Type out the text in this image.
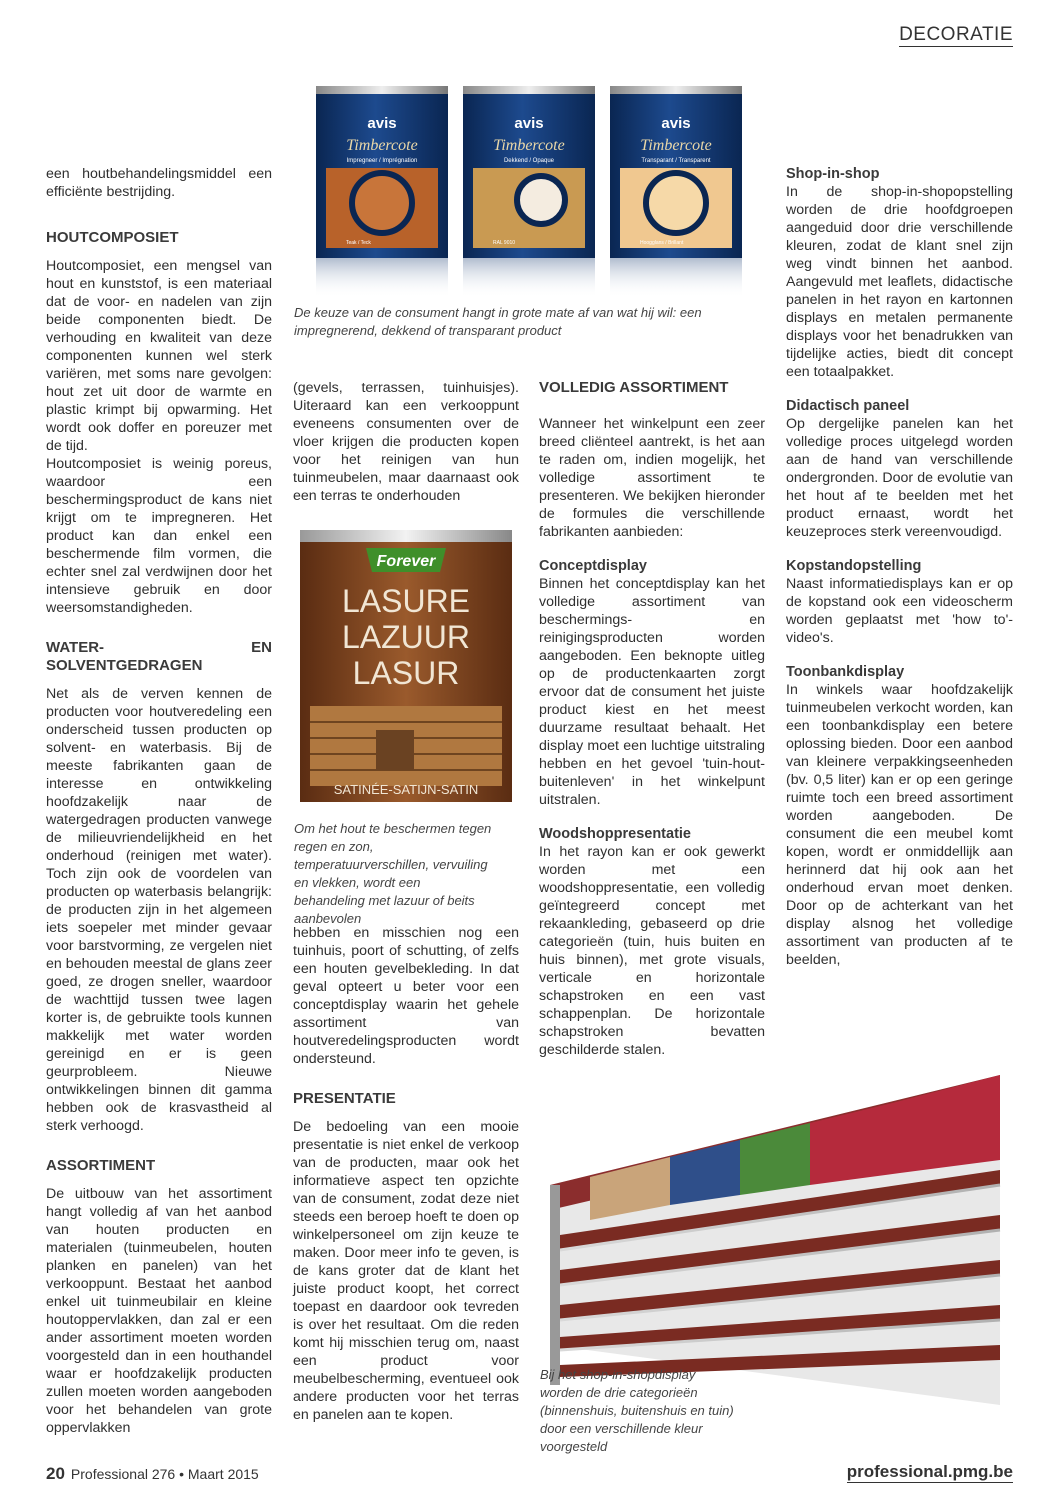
DECORATIE

een houtbehandelingsmiddel een efficiënte bestrijding.

HOUTCOMPOSIET

Houtcomposiet, een mengsel van hout en kunststof, is een materiaal dat de voor- en nadelen van zijn beide componenten biedt. De verhouding en kwaliteit van deze componenten kunnen wel sterk variëren, met soms nare gevolgen: hout zet uit door de warmte en plastic krimpt bij opwarming. Het wordt ook doffer en poreuzer met de tijd.

Houtcomposiet is weinig poreus, waardoor een beschermingsproduct de kans niet krijgt om te impregneren. Het product kan dan enkel een beschermende film vormen, die echter snel zal verdwijnen door het intensieve gebruik en door weersomstandigheden.

WATER- EN SOLVENTGEDRAGEN

Net als de verven kennen de producten voor houtveredeling een onderscheid tussen producten op solvent- en waterbasis. Bij de meeste fabrikanten gaan de interesse en ontwikkeling hoofdzakelijk naar de watergedragen producten vanwege de milieuvriendelijkheid en het onderhoud (reinigen met water). Toch zijn ook de voordelen van producten op waterbasis belangrijk: de producten zijn in het algemeen iets soepeler met minder gevaar voor barstvorming, ze vergelen niet en behouden meestal de glans zeer goed, ze drogen sneller, waardoor de wachttijd tussen twee lagen korter is, de gebruikte tools kunnen makkelijk met water worden gereinigd en er is geen geurprobleem. Nieuwe ontwikkelingen binnen dit gamma hebben ook de krasvastheid al sterk verhoogd.

ASSORTIMENT

De uitbouw van het assortiment hangt volledig af van het aanbod van houten producten en materialen (tuinmeubelen, houten planken en panelen) van het verkooppunt. Bestaat het aanbod enkel uit tuinmeubilair en kleine houtoppervlakken, dan zal er een ander assortiment moeten worden voorgesteld dan in een houthandel waar er hoofdzakelijk producten zullen moeten worden aangeboden voor het behandelen van grote oppervlakken

avis
Timbercote
Impregneer / Imprégnation
Teak / Teck
avis
Timbercote
Dekkend / Opaque
RAL 9010
avis
Timbercote
Transparant / Transparent
Hoogglans / Brillant
De keuze van de consument hangt in grote mate af van wat hij wil: een impregnerend, dekkend of transparant product

(gevels, terrassen, tuinhuisjes). Uiteraard kan een verkooppunt eveneens consumenten over de vloer krijgen die producten kopen voor het reinigen van hun tuinmeubelen, maar daarnaast ook een terras te onderhouden

Forever
LASURE
LAZUUR
LASUR
SATINÉE-SATIJN-SATIN
Om het hout te beschermen tegen regen en zon, temperatuurverschillen, vervuiling en vlekken, wordt een behandeling met lazuur of beits aanbevolen

hebben en misschien nog een tuinhuis, poort of schutting, of zelfs een houten gevelbekleding. In dat geval opteert u beter voor een conceptdisplay waarin het gehele assortiment van houtveredelingsproducten wordt ondersteund.

PRESENTATIE

De bedoeling van een mooie presentatie is niet enkel de verkoop van de producten, maar ook het informatieve aspect ten opzichte van de consument, zodat deze niet steeds een beroep hoeft te doen op winkelpersoneel om zijn keuze te maken. Door meer info te geven, is de kans groter dat de klant het juiste product koopt, het correct toepast en daardoor ook tevreden is over het resultaat. Om die reden komt hij misschien terug om, naast een product voor meubelbescherming, eventueel ook andere producten voor het terras en panelen aan te kopen.

VOLLEDIG ASSORTIMENT

Wanneer het winkelpunt een zeer breed cliënteel aantrekt, is het aan te raden om, indien mogelijk, het volledige assortiment te presenteren. We bekijken hieronder de formules die verschillende fabrikanten aanbieden:

Conceptdisplay

Binnen het conceptdisplay kan het volledige assortiment van beschermings- en reinigingsproducten worden aangeboden. Een beknopte uitleg op de productenkaarten zorgt ervoor dat de consument het juiste product kiest en het meest duurzame resultaat behaalt. Het display moet een luchtige uitstraling hebben en het gevoel 'tuin-hout-buitenleven' in het winkelpunt uitstralen.

Woodshoppresentatie

In het rayon kan er ook gewerkt worden met een woodshoppresentatie, een volledig geïntegreerd concept met rekaankleding, gebaseerd op drie categorieën (tuin, huis buiten en huis binnen), met grote visuals, verticale en horizontale schapstroken en een vast schappenplan. De horizontale schapstroken bevatten geschilderde stalen.

Shop-in-shop

In de shop-in-shopopstelling worden de drie hoofdgroepen aangeduid door drie verschillende kleuren, zodat de klant snel zijn weg vindt binnen het aanbod. Aangevuld met leaflets, didactische panelen in het rayon en kartonnen displays en metalen permanente displays voor het benadrukken van tijdelijke acties, biedt dit concept een totaalpakket.

Didactisch paneel

Op dergelijke panelen kan het volledige proces uitgelegd worden aan de hand van verschillende ondergronden. Door de evolutie van het hout af te beelden met het product ernaast, wordt het keuzeproces sterk vereenvoudigd.

Kopstandopstelling

Naast informatiedisplays kan er op de kopstand ook een videoscherm worden geplaatst met 'how to'-video's.

Toonbankdisplay

In winkels waar hoofdzakelijk tuinmeubelen verkocht worden, kan een toonbankdisplay een betere oplossing bieden. Door een aanbod van kleinere verpakkingseenheden (bv. 0,5 liter) kan er op een geringe ruimte toch een breed assortiment worden aangeboden. De consument die een meubel komt kopen, wordt er onmiddellijk aan herinnerd dat hij ook aan het onderhoud ervan moet denken. Door op de achterkant van het display alsnog het volledige assortiment van producten af te beelden,

Bij het shop-in-shopdisplay worden de drie categorieën (binnenshuis, buitenshuis en tuin) door een verschillende kleur voorgesteld
20 Professional 276 • Maart 2015	professional.pmg.be
